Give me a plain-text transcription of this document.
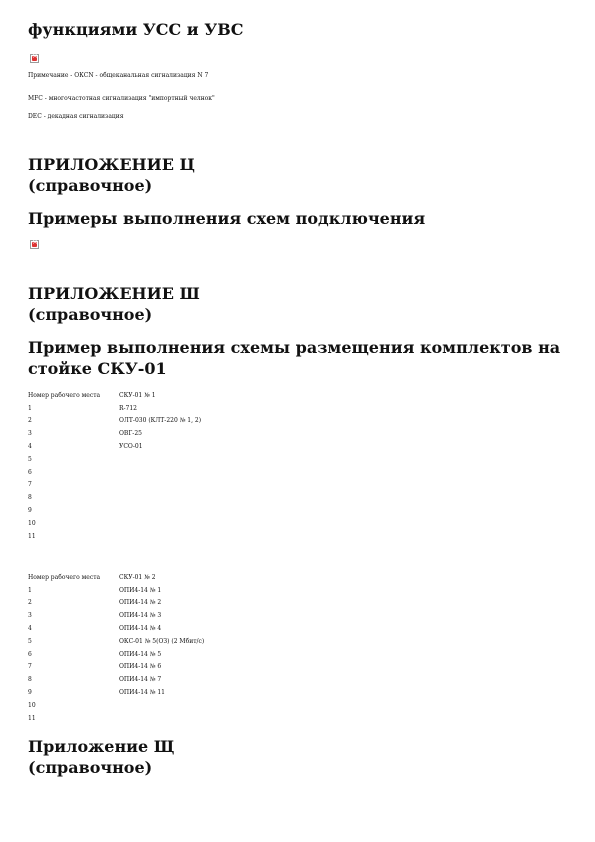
функциями УСС и УВС
×

Примечание - ОКСN - общеканальная сигнализация N 7

МFС - многочастотная сигнализация "импортный челнок"

DEC - декадная сигнализация

ПРИЛОЖЕНИЕ Ц
(справочное)
Примеры выполнения схем подключения
×
ПРИЛОЖЕНИЕ Ш
(справочное)
Пример выполнения схемы размещения комплектов на
стойке СКУ-01
Номер рабочего места	СКУ-01 № 1
1	R-712
2	ОЛТ-030 (КЛТ-220 № 1, 2)
3	ОВГ-25
4	УСО-01
5	
6	
7	
8	
9	
10	
11	
Номер рабочего места	СКУ-01 № 2
1	ОПИ4-14 № 1
2	ОПИ4-14 № 2
3	ОПИ4-14 № 3
4	ОПИ4-14 № 4
5	ОКС-01 № 5(ОЗ) (2 Мбит/с)
6	ОПИ4-14 № 5
7	ОПИ4-14 № 6
8	ОПИ4-14 № 7
9	ОПИ4-14 № 11
10	
11	
Приложение Щ
(справочное)
